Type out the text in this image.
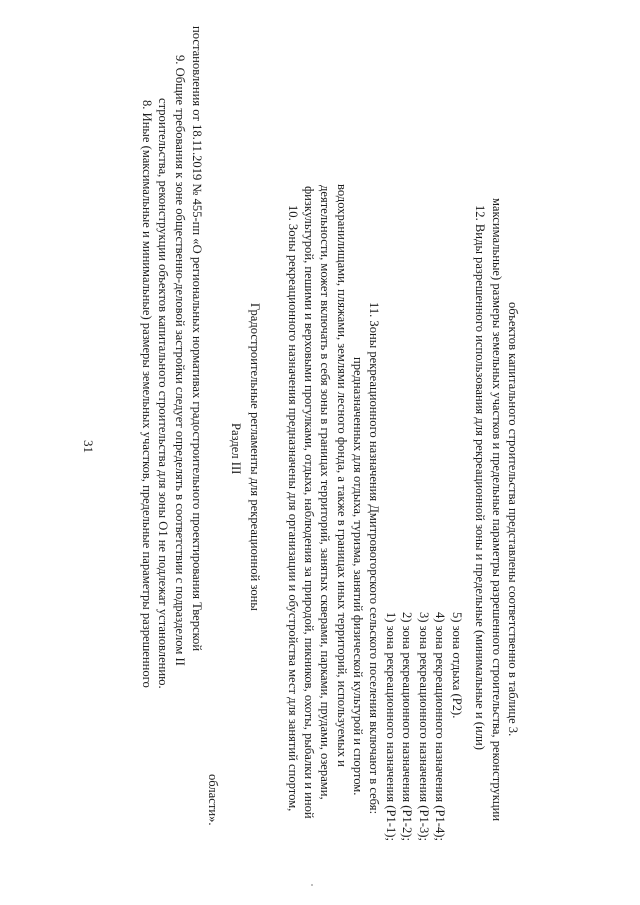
31	8. Иные (максимальные и минимальные) размеры земельных участков, предельные параметры разрешенного строительства, реконструкции объектов капитального строительства для зоны О1 не подлежат установлению. 9. Общие требования к зоне общественно-деловой застройки следует определять в соответствии с подразделом II постановления от 18.11.2019 № 455-пп «О региональных нормативах градостроительного проектирования Тверской
области».
Раздел III Градостроительные регламенты для рекреационной зоны 10. Зоны рекреационного назначения предназначены для организации и обустройства мест для занятий спортом, физкультурой, пешими и верховыми прогулками, отдыха, наблюдения за природой, пикников, охоты, рыбалки и иной деятельности, может включать в себя зоны в границах территорий, занятых скверами, парками, прудами, озерами, водохранилищами, пляжами, землями лесного фонда, а также в границах иных территорий, используемых и предназначенных для отдыха, туризма, занятий физической культурой и спортом. 11. Зоны рекреационного назначения Дмитровогорского сельского поселения включают в себя: 1) зона рекреационного назначения (Р1-1); 2) зона рекреационного назначения (Р1-2); 3) зона рекреационного назначения (Р1-3); 4) зона рекреационного назначения (Р1-4); 5) зона отдыха (Р2). 12. Виды разрешенного использования для рекреационной зоны и предельные (минимальные и (или) максимальные) размеры земельных участков и предельные параметры разрешенного строительства, реконструкции объектов капитального строительства представлены соответственно в таблице 3.
